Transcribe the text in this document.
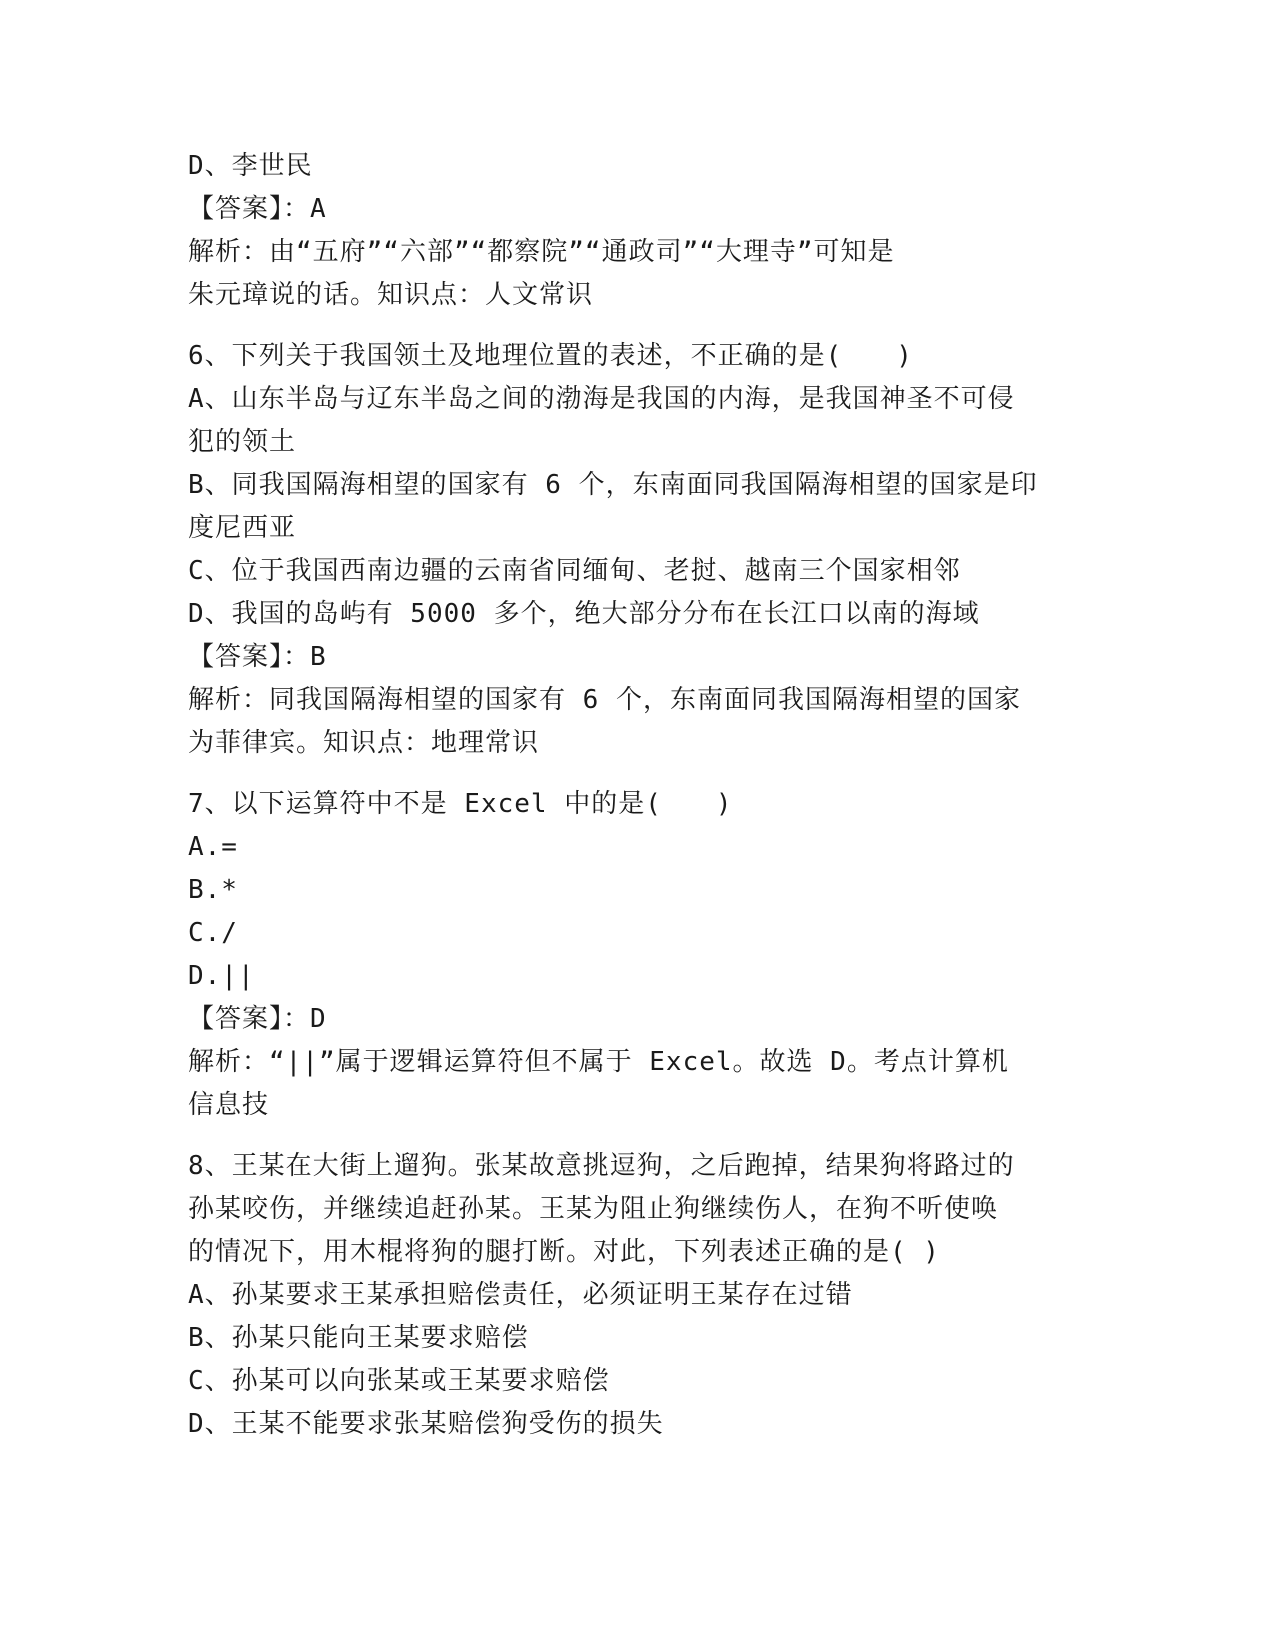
D、李世民
【答案】：A
解析：由“五府”“六部”“都察院”“通政司”“大理寺”可知是
朱元璋说的话。知识点：人文常识
6、下列关于我国领土及地理位置的表述，不正确的是(　　)
A、山东半岛与辽东半岛之间的渤海是我国的内海，是我国神圣不可侵
犯的领土
B、同我国隔海相望的国家有 6 个，东南面同我国隔海相望的国家是印
度尼西亚
C、位于我国西南边疆的云南省同缅甸、老挝、越南三个国家相邻
D、我国的岛屿有 5000 多个，绝大部分分布在长江口以南的海域
【答案】：B
解析：同我国隔海相望的国家有 6 个，东南面同我国隔海相望的国家
为菲律宾。知识点：地理常识
7、以下运算符中不是 Excel 中的是(　　)
A.=
B.*
C./
D.||
【答案】：D
解析：“||”属于逻辑运算符但不属于 Excel。故选 D。考点计算机
信息技
8、王某在大街上遛狗。张某故意挑逗狗，之后跑掉，结果狗将路过的
孙某咬伤，并继续追赶孙某。王某为阻止狗继续伤人，在狗不听使唤
的情况下，用木棍将狗的腿打断。对此，下列表述正确的是( )
A、孙某要求王某承担赔偿责任，必须证明王某存在过错
B、孙某只能向王某要求赔偿
C、孙某可以向张某或王某要求赔偿
D、王某不能要求张某赔偿狗受伤的损失
